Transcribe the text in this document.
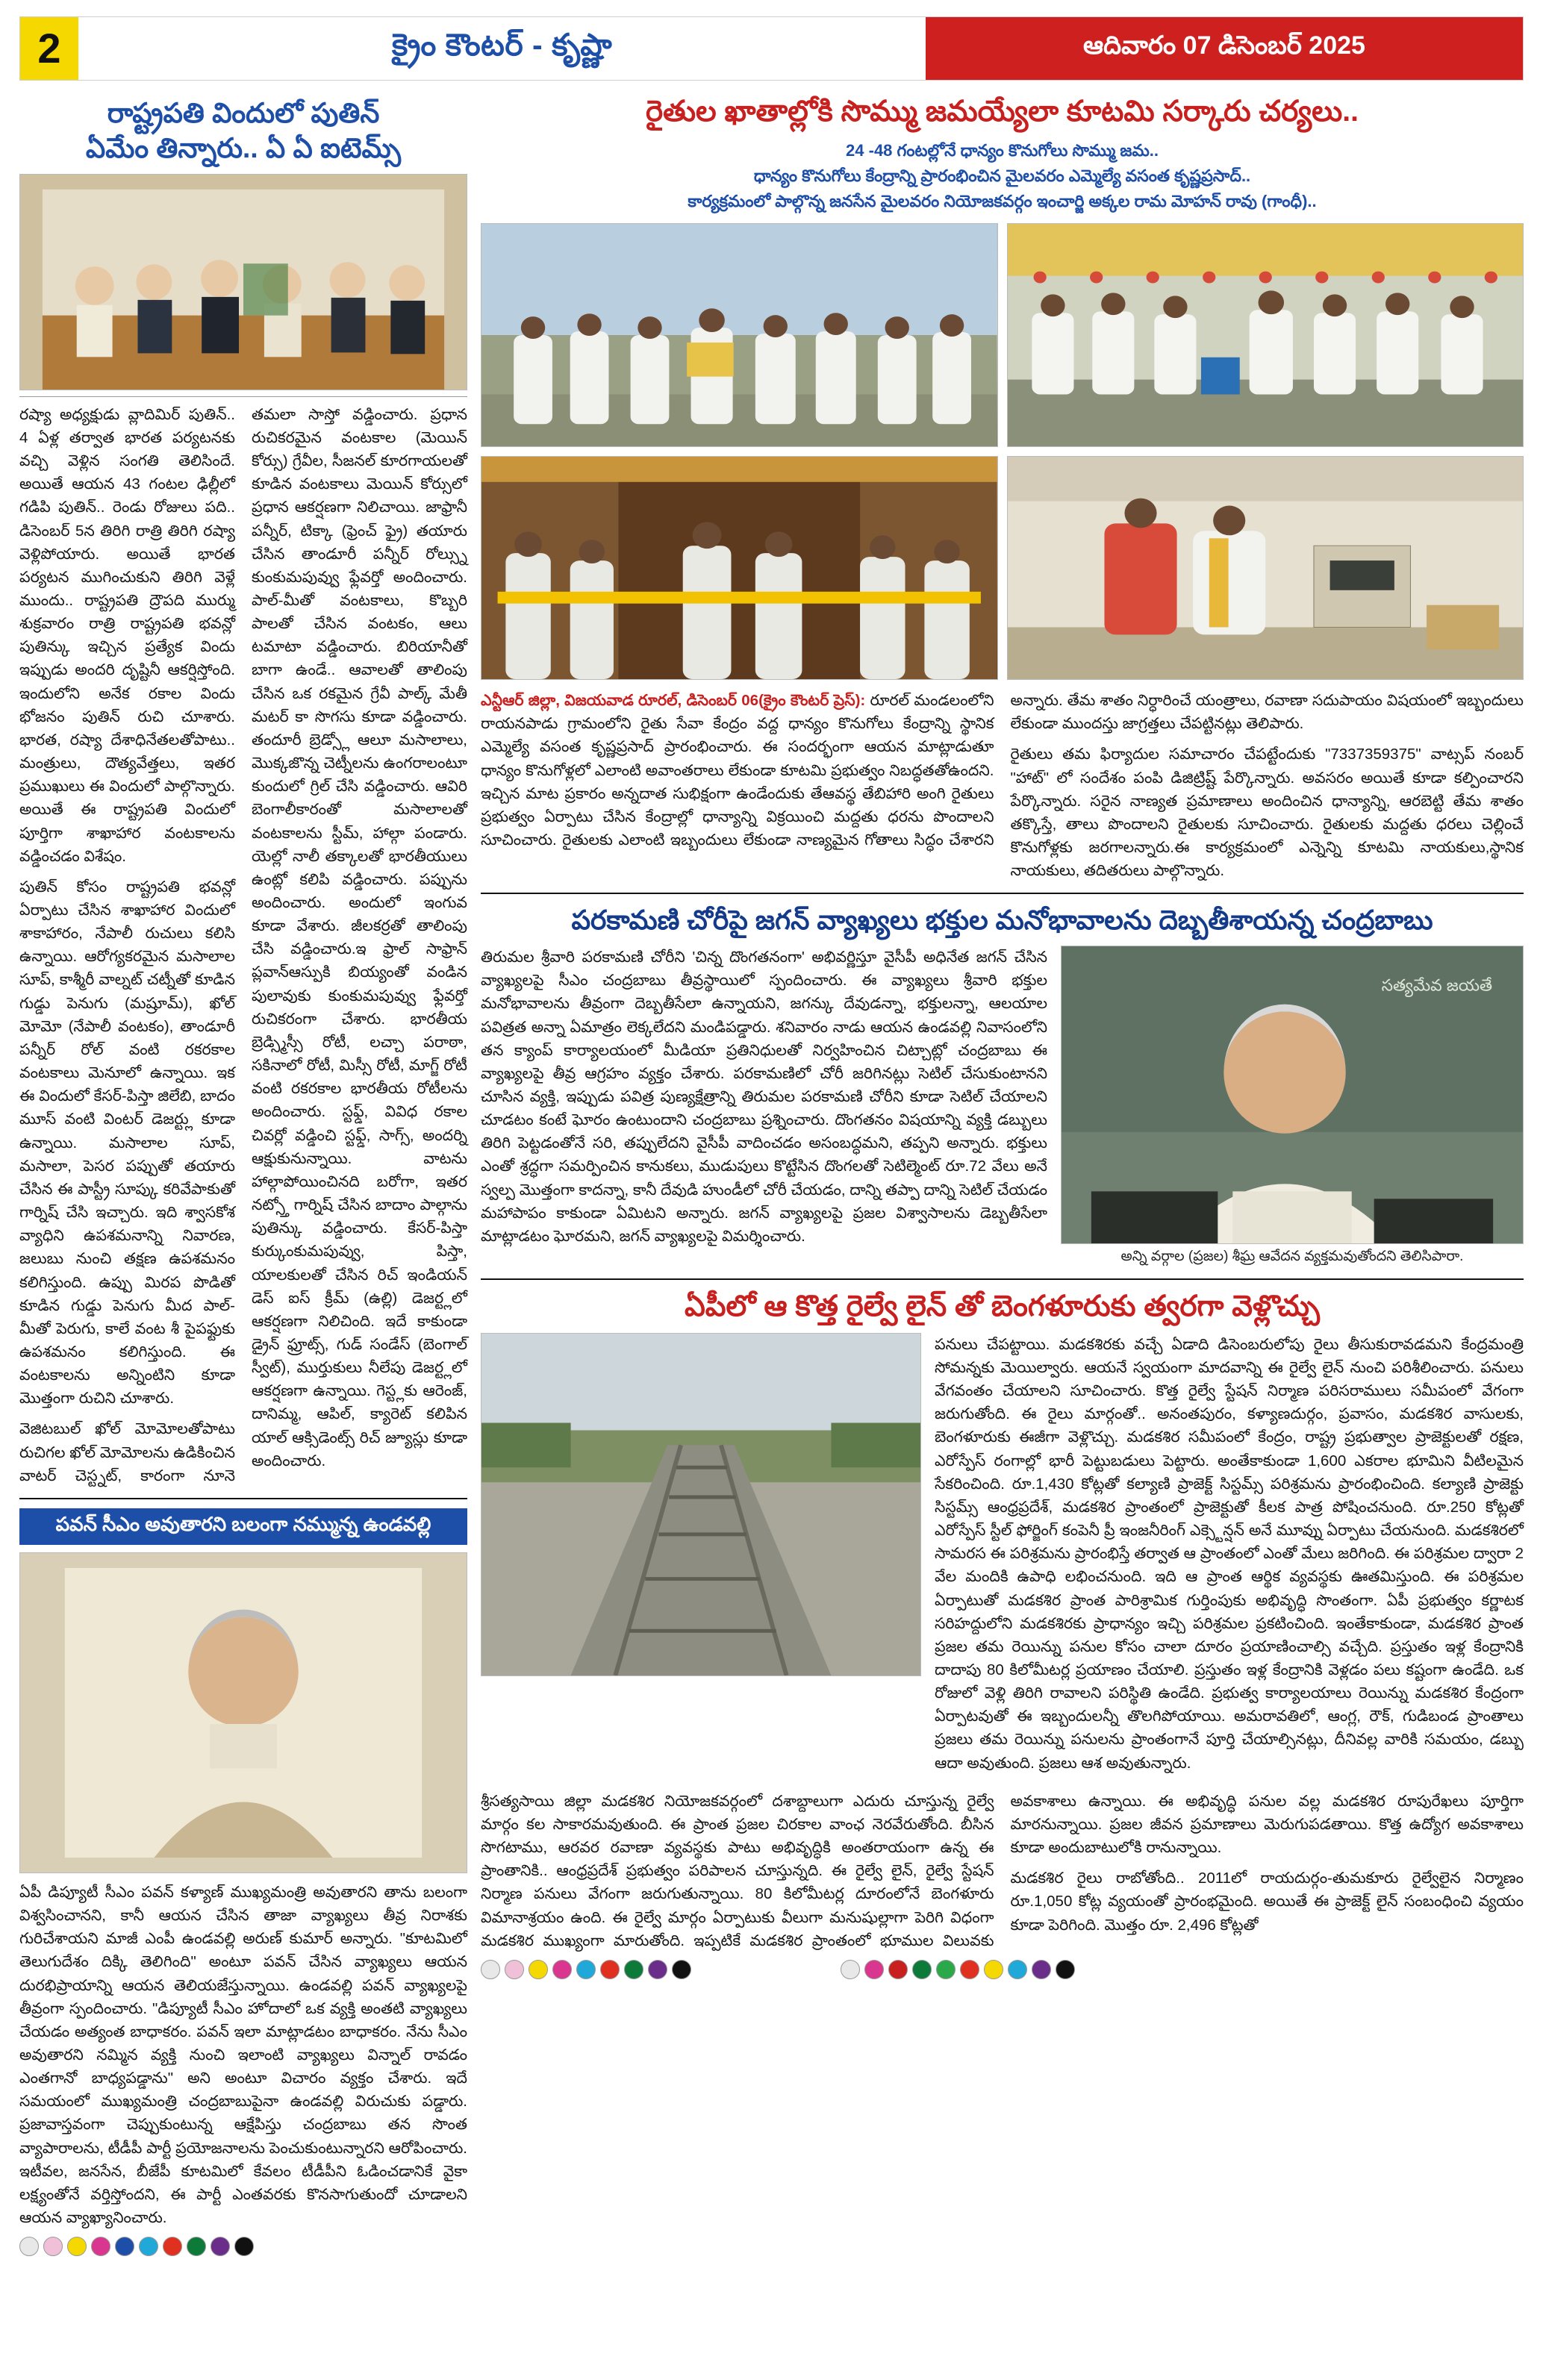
2	క్రైం కౌంటర్ - కృష్ణా	ఆదివారం 07 డిసెంబర్ 2025
రాష్ట్రపతి విందులో పుతిన్
ఏమేం తిన్నారు.. ఏ ఏ ఐటెమ్స్

రష్యా అధ్యక్షుడు వ్లాదిమిర్ పుతిన్.. 4 ఏళ్ల తర్వాత భారత పర్యటనకు వచ్చి వెళ్లిన సంగతి తెలిసిందే. అయితే ఆయన 43 గంటల ఢిల్లీలో గడిపి పుతిన్.. రెండు రోజులు పది.. డిసెంబర్ 5న తిరిగి రాత్రి తిరిగి రష్యా వెళ్లిపోయారు. అయితే భారత పర్యటన ముగించుకుని తిరిగి వెళ్లే ముందు.. రాష్ట్రపతి ద్రౌపది ముర్ము శుక్రవారం రాత్రి రాష్ట్రపతి భవన్లో పుతిన్కు ఇచ్చిన ప్రత్యేక విందు ఇప్పుడు అందరి దృష్టినీ ఆకర్షిస్తోంది. ఇందులోని అనేక రకాల విందు భోజనం పుతిన్ రుచి చూశారు. భారత, రష్యా దేశాధినేతలతోపాటు.. మంత్రులు, దౌత్యవేత్తలు, ఇతర ప్రముఖులు ఈ విందులో పాల్గొన్నారు. అయితే ఈ రాష్ట్రపతి విందులో పూర్తిగా శాఖాహార వంటకాలను వడ్డించడం విశేషం.

పుతిన్ కోసం రాష్ట్రపతి భవన్లో ఏర్పాటు చేసిన శాఖాహార విందులో శాకాహారం, నేపాలీ రుచులు కలిసి ఉన్నాయి. ఆరోగ్యకరమైన మసాలాల సూప్, కాశ్మీరీ వాల్నట్ చట్నీతో కూడిన గుడ్డు పెనుగు (మష్రూమ్), ఖోల్ మోమో (నేపాలీ వంటకం), తాండూరీ పన్నీర్ రోల్ వంటి రకరకాల వంటకాలు మెనూలో ఉన్నాయి. ఇక ఈ విందులో కేసర్-పిస్తా జిలేబి, బాదం మూస్ వంటి వింటర్ డెజర్ట్లు కూడా ఉన్నాయి. మసాలాల సూప్, మసాలా, పెసర పప్పుతో తయారు చేసిన ఈ పాస్ట్రీ సూప్కు కరివేపాకుతో గార్నిష్ చేసి ఇచ్చారు. ఇది శ్వాసకోశ వ్యాధిని ఉపశమనాన్ని నివారణ, జలుబు నుంచి తక్షణ ఉపశమనం కలిగిస్తుంది. ఉప్పు మిరప పొడితో కూడిన గుడ్డు పెనుగు మీద పాల్-మీతో పెరుగు, కాలే వంట శీ పైపఫ్టుకు ఉపశమనం కలిగిస్తుంది. ఈ వంటకాలను అన్నింటిని కూడా మొత్తంగా రుచిని చూశారు.

వెజిటబుల్ ఖోల్ మోమోలతోపాటు రుచిగల ఖోల్ మోమోలను ఉడికించిన వాటర్ చెస్ట్నట్, కారంగా నూనె తమలా సాస్తో వడ్డించారు. ప్రధాన రుచికరమైన వంటకాల (మెయిన్ కోర్సు) గ్రేవీల, సీజనల్ కూరగాయలతో కూడిన వంటకాలు మెయిన్ కోర్సులో ప్రధాన ఆకర్షణగా నిలిచాయి. జాఫ్రానీ పన్నీర్, టిక్కా (ఫ్రెంచ్ ఫ్రై) తయారు చేసిన తాండూరీ పన్నీర్ రోల్స్ను కుంకుమపువ్వు ఫ్లేవర్తో అందించారు. పాల్-మీతో వంటకాలు, కొబ్బరి పాలతో చేసిన వంటకం, ఆలు టమాటా వడ్డించారు. బిరియానీతో బాగా ఉండే.. ఆవాలతో తాలింపు చేసిన ఒక రకమైన గ్రేవీ పాల్క్ మేతీ మటర్ కా సొగసు కూడా వడ్డించారు. తందూరీ బ్రెడ్స్లో ఆలూ మసాలాలు, మొక్కజొన్న చెట్నీలను ఉంగరాలంటూ కుందులో గ్రిల్ చేసి వడ్డించారు. ఆవిరి బెంగాలీకారంతో మసాలాలతో వంటకాలను స్టీమ్, హాల్గా పండారు. యెల్లో నాలీ తక్కాలతో భారతీయులు ఉంట్లో కలిపి వడ్డించారు. పప్పును అందించారు. అందులో ఇంగువ కూడా వేశారు. జీలకర్రతో తాలింపు చేసి వడ్డించారు.ఇ ఫ్రాల్ సాఫ్రాన్ ప్లవాన్ఆస్పుకి బియ్యంతో వండిన పులావుకు కుంకుమపువ్వు ఫ్లేవర్తో రుచికరంగా చేశారు. భారతీయ బ్రెడ్స్మిస్సీ రోటీ, లచ్చా పరాఠా, సకినాలో రోటీ, మిస్సీ రోటీ, మాగ్జ్ రోటీ వంటి రకరకాల భారతీయ రోటీలను అందించారు. స్టఫ్డ్, వివిధ రకాల చివర్లో వడ్డించి స్టఫ్డ్, సాగ్స్, అందర్ని ఆక్షుకునున్నాయి. వాటను హాల్గాపోయించినది బరోగా, ఇతర నట్స్తో గార్నిష్ చేసిన బాదాం పాల్గాను పుతిన్కు వడ్డించారు. కేసర్-పిస్తా కుర్కుంకుమపువ్వు, పిస్తా, యాలకులతో చేసిన రిచ్ ఇండియన్ డెస్ ఐస్ క్రీమ్ (ఉల్లి) డెజర్ట్లలో ఆకర్షణగా నిలిచింది. ఇదే కాకుండా డ్రైన్ ఫ్రూట్స్, గుడ్ సండేస్ (బెంగాల్ స్వీట్), ముర్తుకులు నీలేపు డెజర్ట్లలో ఆకర్షణగా ఉన్నాయి. గెస్ట్లకు ఆరెంజ్, దానిమ్మ, ఆపిల్, క్యారెట్ కలిపిన యాల్ ఆక్సిడెంట్స్ రిచ్ జ్యూస్లు కూడా అందించారు.

పవన్ సీఎం అవుతారని బలంగా నమ్మున్న ఉండవల్లి

ఏపీ డిప్యూటీ సీఎం పవన్ కళ్యాణ్ ముఖ్యమంత్రి అవుతారని తాను బలంగా విశ్వసించానని, కానీ ఆయన చేసిన తాజా వ్యాఖ్యలు తీవ్ర నిరాశకు గురిచేశాయని మాజీ ఎంపీ ఉండవల్లి అరుణ్ కుమార్ అన్నారు. "కూటమిలో తెలుగుదేశం దిక్కి తెలిగింది" అంటూ పవన్ చేసిన వ్యాఖ్యలు ఆయన దురభిప్రాయాన్ని ఆయన తెలియజేస్తున్నాయి. ఉండవల్లి పవన్ వ్యాఖ్యలపై తీవ్రంగా స్పందించారు. "డిప్యూటీ సీఎం హోదాలో ఒక వ్యక్తి అంతటి వ్యాఖ్యలు చేయడం అత్యంత బాధాకరం. పవన్ ఇలా మాట్లాడటం బాధాకరం. నేను సీఎం అవుతారని నమ్మిన వ్యక్తి నుంచి ఇలాంటి వ్యాఖ్యలు విన్నాల్ రావడం ఎంతగానో బాధ్యపడ్డాను" అని అంటూ విచారం వ్యక్తం చేశారు. ఇదే సమయంలో ముఖ్యమంత్రి చంద్రబాబుపైనా ఉండవల్లి విరుచుకు పడ్డారు. ప్రజావాస్తవంగా చెప్పుకుంటున్న ఆక్షేపిస్తు చంద్రబాబు తన సొంత వ్యాపారాలను, టీడీపీ పార్టీ ప్రయోజనాలను పెంచుకుంటున్నారని ఆరోపించారు. ఇటీవల, జనసేన, బీజేపీ కూటమిలో కేవలం టీడీపీని ఓడించడానికే వైకా లక్ష్యంతోనే వర్తిస్తోందని, ఈ పార్టీ ఎంతవరకు కొనసాగుతుందో చూడాలని ఆయన వ్యాఖ్యానించారు.

రైతుల ఖాతాల్లోకి సొమ్ము జమయ్యేలా కూటమి సర్కారు చర్యలు..
24 -48 గంటల్లోనే ధాన్యం కొనుగోలు సొమ్ము జమ..
ధాన్యం కొనుగోలు కేంద్రాన్ని ప్రారంభించిన మైలవరం ఎమ్మెల్యే వసంత కృష్ణప్రసాద్..
కార్యక్రమంలో పాల్గొన్న జనసేన మైలవరం నియోజకవర్గం ఇంచార్జి అక్కల రామ మోహన్ రావు (గాంధీ)..

ఎన్టీఆర్ జిల్లా, విజయవాడ రూరల్, డిసెంబర్ 06(క్రైం కౌంటర్ ప్రెస్): రూరల్ మండలంలోని రాయనపాడు గ్రామంలోని రైతు సేవా కేంద్రం వద్ద ధాన్యం కొనుగోలు కేంద్రాన్ని స్థానిక ఎమ్మెల్యే వసంత కృష్ణప్రసాద్ ప్రారంభించారు. ఈ సందర్భంగా ఆయన మాట్లాడుతూ ధాన్యం కొనుగోళ్లలో ఎలాంటి అవాంతరాలు లేకుండా కూటమి ప్రభుత్వం నిబద్ధతతోఉందని. ఇచ్చిన మాట ప్రకారం అన్నదాత సుభిక్షంగా ఉండేందుకు తేఆవస్థ తేబిహారి అంగి రైతులు ప్రభుత్వం ఏర్పాటు చేసిన కేంద్రాల్లో ధాన్యాన్ని విక్రయించి మద్దతు ధరను పొందాలని సూచించారు. రైతులకు ఎలాంటి ఇబ్బందులు లేకుండా నాణ్యమైన గోతాలు సిద్ధం చేశారని అన్నారు. తేమ శాతం నిర్ధారించే యంత్రాలు, రవాణా సదుపాయం విషయంలో ఇబ్బందులు లేకుండా ముందస్తు జాగ్రత్తలు చేపట్టినట్లు తెలిపారు.

రైతులు తమ ఫిర్యాదుల సమాచారం చేపట్టేందుకు "7337359375" వాట్సప్ నంబర్ "హాట్" లో సందేశం పంపి డిజిట్రిష్ట్ పేర్కొన్నారు. అవసరం అయితే కూడా కల్పించారని పేర్కొన్నారు. సరైన నాణ్యత ప్రమాణాలు అందించిన ధాన్యాన్ని, ఆరబెట్టి తేమ శాతం తక్కొస్తే, తాలు పొందాలని రైతులకు సూచించారు. రైతులకు మద్దతు ధరలు చెల్లించే కొనుగోళ్లకు జరగాలన్నారు.ఈ కార్యక్రమంలో ఎన్నెన్ని కూటమి నాయకులు,స్థానిక నాయకులు, తదితరులు పాల్గొన్నారు.

పరకామణి చోరీపై జగన్ వ్యాఖ్యలు భక్తుల మనోభావాలను దెబ్బతీశాయన్న చంద్రబాబు

తిరుమల శ్రీవారి పరకామణి చోరీని 'చిన్న దొంగతనంగా' అభివర్ణిస్తూ వైసీపీ అధినేత జగన్ చేసిన వ్యాఖ్యలపై సీఎం చంద్రబాబు తీవ్రస్థాయిలో స్పందించారు. ఈ వ్యాఖ్యలు శ్రీవారి భక్తుల మనోభావాలను తీవ్రంగా దెబ్బతీసేలా ఉన్నాయని, జగన్కు దేవుడన్నా, భక్తులన్నా, ఆలయాల పవిత్రత అన్నా ఏమాత్రం లెక్కలేదని మండిపడ్డారు. శనివారం నాడు ఆయన ఉండవల్లి నివాసంలోని తన క్యాంప్ కార్యాలయంలో మీడియా ప్రతినిధులతో నిర్వహించిన చిట్చాట్లో చంద్రబాబు ఈ వ్యాఖ్యలపై తీవ్ర ఆగ్రహం వ్యక్తం చేశారు. పరకామణిలో చోరీ జరిగినట్లు సెటిల్ చేసుకుంటానని చూసిన వ్యక్తి, ఇప్పుడు పవిత్ర పుణ్యక్షేత్రాన్ని తిరుమల పరకామణి చోరీని కూడా సెటిల్ చేయాలని చూడటం కంటే ఘోరం ఉంటుందాని చంద్రబాబు ప్రశ్నించారు. దొంగతనం విషయాన్ని వ్యక్తి డబ్బులు తిరిగి పెట్టడంతోనే సరి, తప్పులేదని వైసీపీ వాదించడం అసంబద్ధమని, తప్పని అన్నారు. భక్తులు ఎంతో శ్రద్ధగా సమర్పించిన కానుకలు, ముడుపులు కొట్టేసిన దొంగలతో సెటిల్మెంట్ రూ.72 వేలు అనే స్వల్ప మొత్తంగా కాదన్నా, కానీ దేవుడి హుండీలో చోరీ చేయడం, దాన్ని తప్పా దాన్ని సెటిల్ చేయడం మహాపాపం కాకుండా ఏమిటని అన్నారు. జగన్ వ్యాఖ్యలపై ప్రజల విశ్వాసాలను డెబ్బతీసేలా మాట్లాడటం ఘోరమని, జగన్ వ్యాఖ్యలపై విమర్శించారు.

సత్యమేవ జయతే
అన్ని వర్గాల (ప్రజల) శీఘ్ర ఆవేదన వ్యక్తమవుతోందని తెలిసిపారా.
ఏపీలో ఆ కొత్త రైల్వే లైన్ తో బెంగళూరుకు త్వరగా వెళ్లొచ్చు

పనులు చేపట్టాయి. మడకశిరకు వచ్చే ఏడాది డిసెంబరులోపు రైలు తీసుకురావడమని కేంద్రమంత్రి సోమన్నకు మెయిల్వారు. ఆయనే స్వయంగా మాదవాన్ని ఈ రైల్వే లైన్ నుంచి పరిశీలించారు. పనులు వేగవంతం చేయాలని సూచించారు. కొత్త రైల్వే స్టేషన్ నిర్మాణ పరిసరాములు సమీపంలో వేగంగా జరుగుతోంది. ఈ రైలు మార్గంతో.. అనంతపురం, కళ్యాణదుర్గం, ప్రవాసం, మడకశిర వాసులకు, బెంగళూరుకు ఈజీగా వెళ్లొచ్చు. మడకశిర సమీపంలో కేంద్రం, రాష్ట్ర ప్రభుత్వాల ప్రాజెక్టులతో రక్షణ, ఎరోస్పేస్ రంగాల్లో భారీ పెట్టుబడులు పెట్టారు. అంతేకాకుండా 1,600 ఎకరాల భూమిని వీటిలమైన సేకరించింది. రూ.1,430 కోట్లతో కల్యాణి ప్రాజెక్ట్ సిస్టమ్స్ పరిశ్రమను ప్రారంభించింది. కల్యాణి ప్రాజెక్టు సిస్టమ్స్ ఆంధ్రప్రదేశ్, మడకశిర ప్రాంతంలో ప్రాజెక్టుతో కీలక పాత్ర పోషించనుంది. రూ.250 కోట్లతో ఎరోస్పేస్ స్టీల్ ఫోర్జింగ్ కంపెనీ ప్రీ ఇంజనీరింగ్ ఎక్స్టెన్షన్ అనే మూవ్ను ఏర్పాటు చేయనుంది. మడకశిరలో సామరస ఈ పరిశ్రమను ప్రారంభిస్తే తర్వాత ఆ ప్రాంతంలో ఎంతో మేలు జరిగింది. ఈ పరిశ్రమల ద్వారా 2 వేల మందికి ఉపాధి లభించనుంది. ఇది ఆ ప్రాంత ఆర్థిక వ్యవస్థకు ఊతమిస్తుంది. ఈ పరిశ్రమల ఏర్పాటుతో మడకశిర ప్రాంత పారిశ్రామిక గుర్తింపుకు అభివృద్ధి సొంతంగా. ఏపీ ప్రభుత్వం కర్ణాటక సరిహద్దులోని మడకశిరకు ప్రాధాన్యం ఇచ్చి పరిశ్రమల ప్రకటించింది. ఇంతేకాకుండా, మడకశిర ప్రాంత ప్రజల తమ రెయిన్ను పనుల కోసం చాలా దూరం ప్రయాణించాల్సి వచ్చేది. ప్రస్తుతం ఇళ్ల కేంద్రానికి దాదాపు 80 కిలోమీటర్ల ప్రయాణం చేయాలి. ప్రస్తుతం ఇళ్ల కేంద్రానికి వెళ్లడం పలు కష్టంగా ఉండేది. ఒక రోజులో వెళ్లి తిరిగి రావాలని పరిస్థితి ఉండేది. ప్రభుత్వ కార్యాలయాలు రెయిన్ను మడకశిర కేంద్రంగా ఏర్పాటవుతో ఈ ఇబ్బందులన్నీ తొలగిపోయాయి. అమరావతిలో, ఆంగ్ల, రౌక్, గుడిబండ ప్రాంతాలు ప్రజలు తమ రెయిన్ను పనులను ప్రాంతంగానే పూర్తి చేయాల్సినట్లు, దీనివల్ల వారికి సమయం, డబ్బు ఆదా అవుతుంది. ప్రజలు ఆశ అవుతున్నారు.

శ్రీసత్యసాయి జిల్లా మడకశిర నియోజకవర్గంలో దశాబ్దాలుగా ఎదురు చూస్తున్న రైల్వే మార్గం కల సాకారమవుతుంది. ఈ ప్రాంత ప్రజల చిరకాల వాంఛ నెరవేరుతోంది. బీసిన సొగటాము, ఆరవర రవాణా వ్యవస్థకు పాటు అభివృద్ధికి అంతరాయంగా ఉన్న ఈ ప్రాంతానికి.. ఆంధ్రప్రదేశ్ ప్రభుత్వం పరిపాలన చూస్తున్నది. ఈ రైల్వే లైన్, రైల్వే స్టేషన్ నిర్మాణ పనులు వేగంగా జరుగుతున్నాయి. 80 కిలోమీటర్ల దూరంలోనే బెంగళూరు విమానాశ్రయం ఉంది. ఈ రైల్వే మార్గం ఏర్పాటుకు వీలుగా మనుషుల్లాగా పెరిగి విధంగా మడకశిర ముఖ్యంగా మారుతోంది. ఇప్పటికే మడకశిర ప్రాంతంలో భూముల విలువకు అవకాశాలు ఉన్నాయి. ఈ అభివృద్ధి పనుల వల్ల మడకశిర రూపురేఖలు పూర్తిగా మారనున్నాయి. ప్రజల జీవన ప్రమాణాలు మెరుగుపడతాయి. కొత్త ఉద్యోగ అవకాశాలు కూడా అందుబాటులోకి రానున్నాయి.

మడకశిర రైలు రాబోతోంది.. 2011లో రాయదుర్గం-తుమకూరు రైల్వేలైన నిర్మాణం రూ.1,050 కోట్ల వ్యయంతో ప్రారంభమైంది. అయితే ఈ ప్రాజెక్ట్ లైన్ సంబంధించి వ్యయం కూడా పెరిగింది. మొత్తం రూ. 2,496 కోట్లతో
